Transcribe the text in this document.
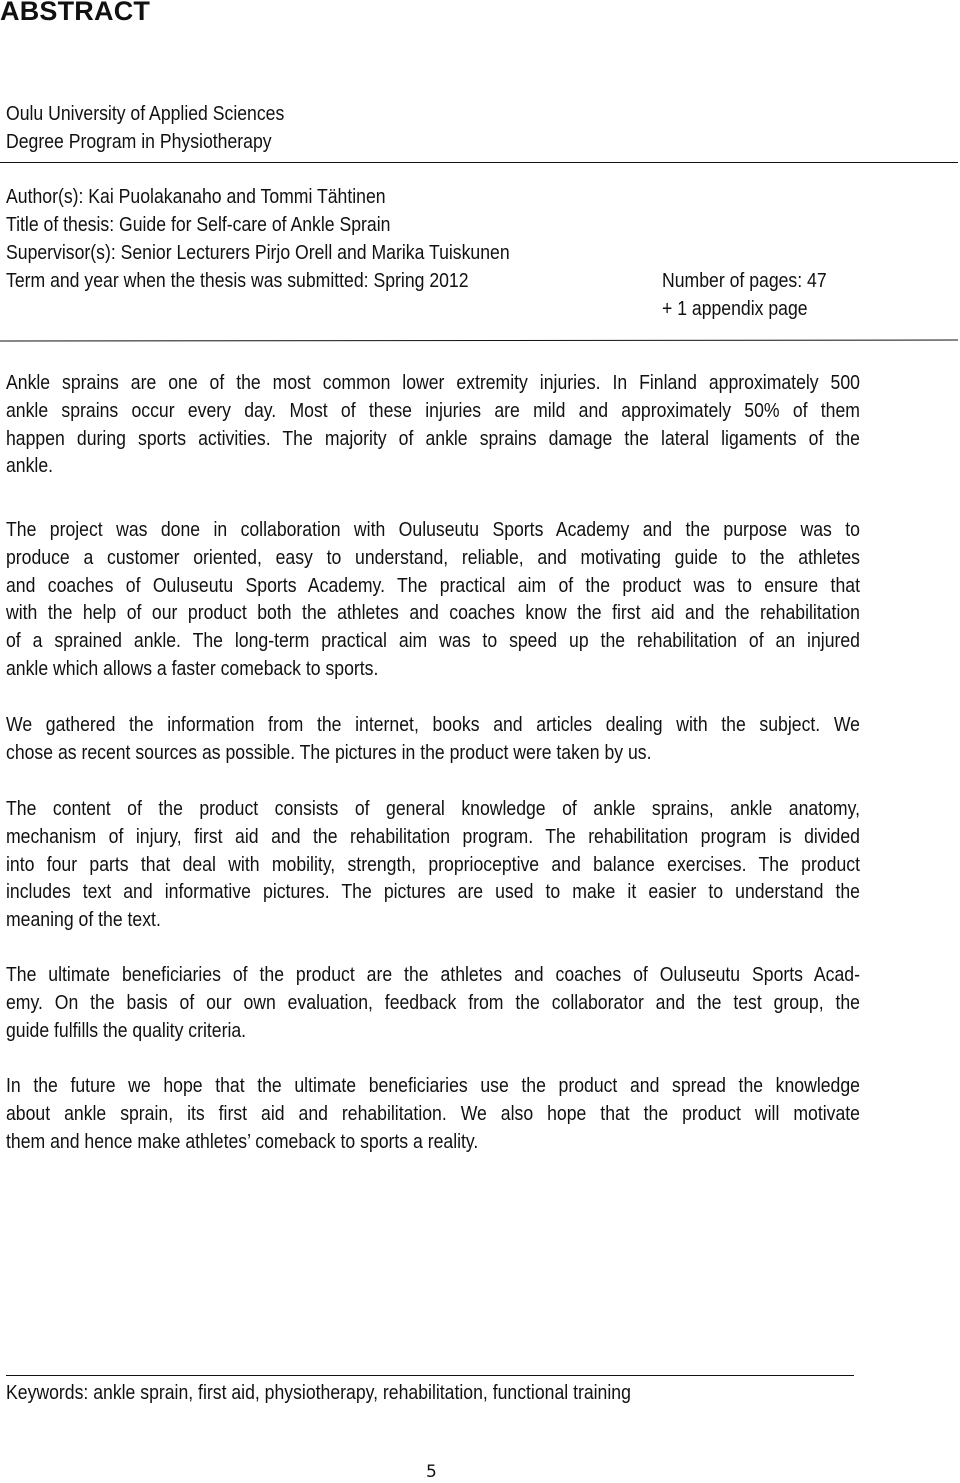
ABSTRACT
Oulu University of Applied Sciences
Degree Program in Physiotherapy
Author(s): Kai Puolakanaho and Tommi Tähtinen
Title of thesis: Guide for Self-care of Ankle Sprain
Supervisor(s): Senior Lecturers Pirjo Orell and Marika Tuiskunen
Term and year when the thesis was submitted: Spring 2012	Number of pages: 47
+ 1 appendix page
Ankle sprains are one of the most common lower extremity injuries. In Finland approximately 500
ankle sprains occur every day. Most of these injuries are mild and approximately 50% of them
happen during sports activities. The majority of ankle sprains damage the lateral ligaments of the
ankle.
The project was done in collaboration with Ouluseutu Sports Academy and the purpose was to
produce a customer oriented, easy to understand, reliable, and motivating guide to the athletes
and coaches of Ouluseutu Sports Academy. The practical aim of the product was to ensure that
with the help of our product both the athletes and coaches know the first aid and the rehabilitation
of a sprained ankle. The long-term practical aim was to speed up the rehabilitation of an injured
ankle which allows a faster comeback to sports.
We gathered the information from the internet, books and articles dealing with the subject. We
chose as recent sources as possible. The pictures in the product were taken by us.
The content of the product consists of general knowledge of ankle sprains, ankle anatomy,
mechanism of injury, first aid and the rehabilitation program. The rehabilitation program is divided
into four parts that deal with mobility, strength, proprioceptive and balance exercises. The product
includes text and informative pictures. The pictures are used to make it easier to understand the
meaning of the text.
The ultimate beneficiaries of the product are the athletes and coaches of Ouluseutu Sports Acad-
emy. On the basis of our own evaluation, feedback from the collaborator and the test group, the
guide fulfills the quality criteria.
In the future we hope that the ultimate beneficiaries use the product and spread the knowledge
about ankle sprain, its first aid and rehabilitation. We also hope that the product will motivate
them and hence make athletes’ comeback to sports a reality.
Keywords: ankle sprain, first aid, physiotherapy, rehabilitation, functional training
5
